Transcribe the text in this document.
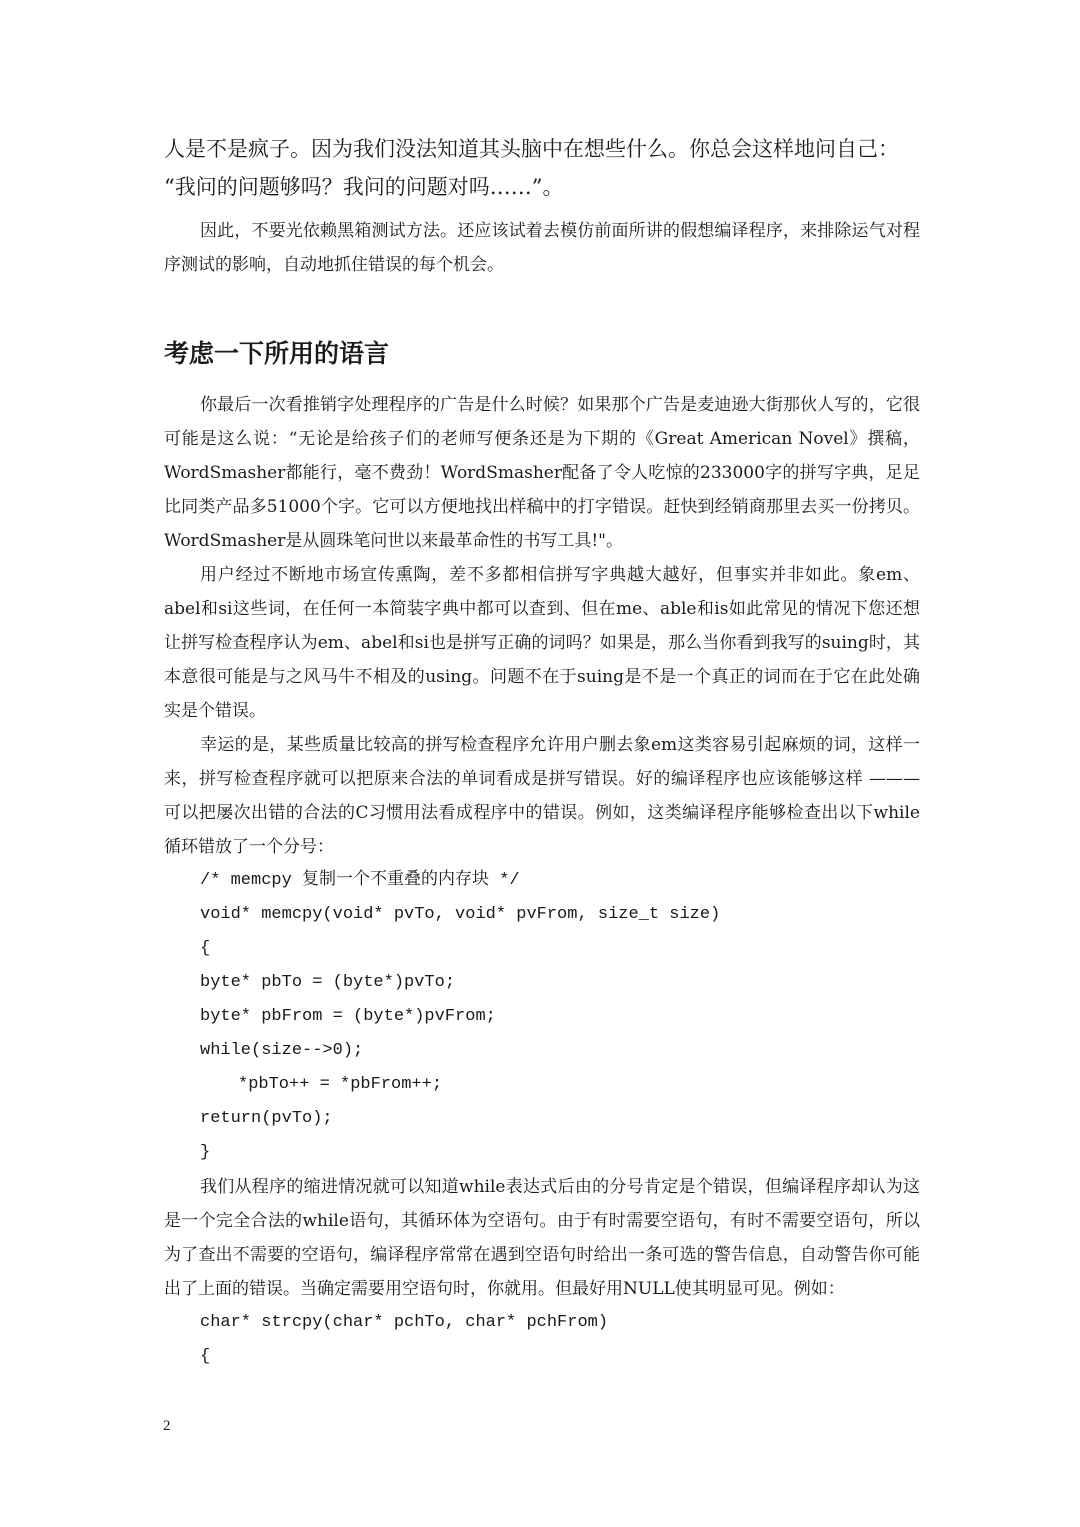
人是不是疯子。因为我们没法知道其头脑中在想些什么。你总会这样地问自己：

“我问的问题够吗？我问的问题对吗……”。

因此，不要光依赖黑箱测试方法。还应该试着去模仿前面所讲的假想编译程序，来排除运气对程序测试的影响，自动地抓住错误的每个机会。

考虑一下所用的语言

你最后一次看推销字处理程序的广告是什么时候？如果那个广告是麦迪逊大街那伙人写的，它很可能是这么说：“无论是给孩子们的老师写便条还是为下期的《Great American Novel》撰稿，WordSmasher都能行，毫不费劲！WordSmasher配备了令人吃惊的233000字的拼写字典，足足比同类产品多51000个字。它可以方便地找出样稿中的打字错误。赶快到经销商那里去买一份拷贝。WordSmasher是从圆珠笔问世以来最革命性的书写工具!"。

用户经过不断地市场宣传熏陶，差不多都相信拼写字典越大越好，但事实并非如此。象em、abel和si这些词，在任何一本简装字典中都可以查到、但在me、able和is如此常见的情况下您还想让拼写检查程序认为em、abel和si也是拼写正确的词吗？如果是，那么当你看到我写的suing时，其本意很可能是与之风马牛不相及的using。问题不在于suing是不是一个真正的词而在于它在此处确实是个错误。

幸运的是，某些质量比较高的拼写检查程序允许用户删去象em这类容易引起麻烦的词，这样一来，拼写检查程序就可以把原来合法的单词看成是拼写错误。好的编译程序也应该能够这样 ——— 可以把屡次出错的合法的C习惯用法看成程序中的错误。例如，这类编译程序能够检查出以下while循环错放了一个分号：

/* memcpy 复制一个不重叠的内存块 */
void* memcpy(void* pvTo, void* pvFrom, size_t size)
{
byte* pbTo = (byte*)pvTo;
byte* pbFrom = (byte*)pvFrom;
while(size-->0);
*pbTo++ = *pbFrom++;
return(pvTo);
}

我们从程序的缩进情况就可以知道while表达式后由的分号肯定是个错误，但编译程序却认为这是一个完全合法的while语句，其循环体为空语句。由于有时需要空语句，有时不需要空语句，所以为了查出不需要的空语句，编译程序常常在遇到空语句时给出一条可选的警告信息，自动警告你可能出了上面的错误。当确定需要用空语句时，你就用。但最好用NULL使其明显可见。例如：

char* strcpy(char* pchTo, char* pchFrom)
{
2
